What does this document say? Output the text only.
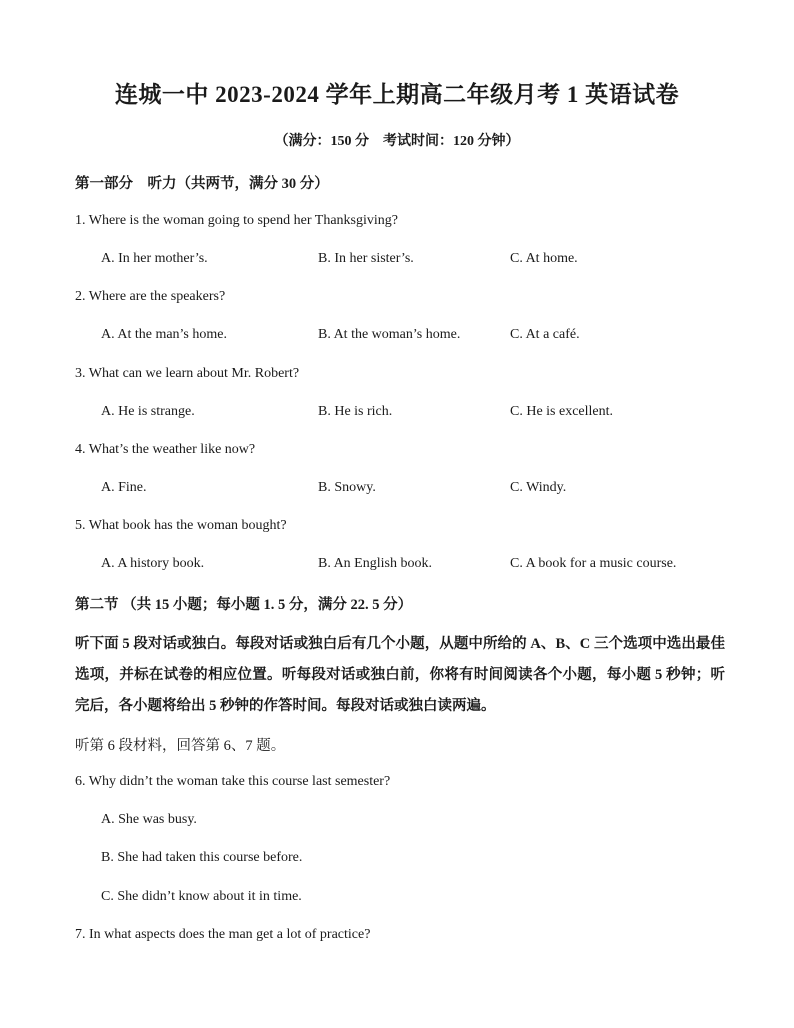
连城一中 2023-2024 学年上期高二年级月考 1 英语试卷
（满分：150 分　考试时间：120 分钟）
第一部分　听力（共两节，满分 30 分）
1. Where is the woman going to spend her Thanksgiving?
A. In her mother’s.	B. In her sister’s.	C. At home.
2. Where are the speakers?
A. At the man’s home.	B. At the woman’s home.	C. At a café.
3. What can we learn about Mr. Robert?
A. He is strange.	B. He is rich.	C. He is excellent.
4. What’s the weather like now?
A. Fine.	B. Snowy.	C. Windy.
5. What book has the woman bought?
A. A history book.	B. An English book.	C. A book for a music course.
第二节 （共 15 小题；每小题 1. 5 分，满分 22. 5 分）
听下面 5 段对话或独白。每段对话或独白后有几个小题，从题中所给的 A、B、C 三个选项中选出最佳选项，并标在试卷的相应位置。听每段对话或独白前，你将有时间阅读各个小题，每小题 5 秒钟；听完后，各小题将给出 5 秒钟的作答时间。每段对话或独白读两遍。
听第 6 段材料，回答第 6、7 题。
6. Why didn’t the woman take this course last semester?
A. She was busy.
B. She had taken this course before.
C. She didn’t know about it in time.
7. In what aspects does the man get a lot of practice?
